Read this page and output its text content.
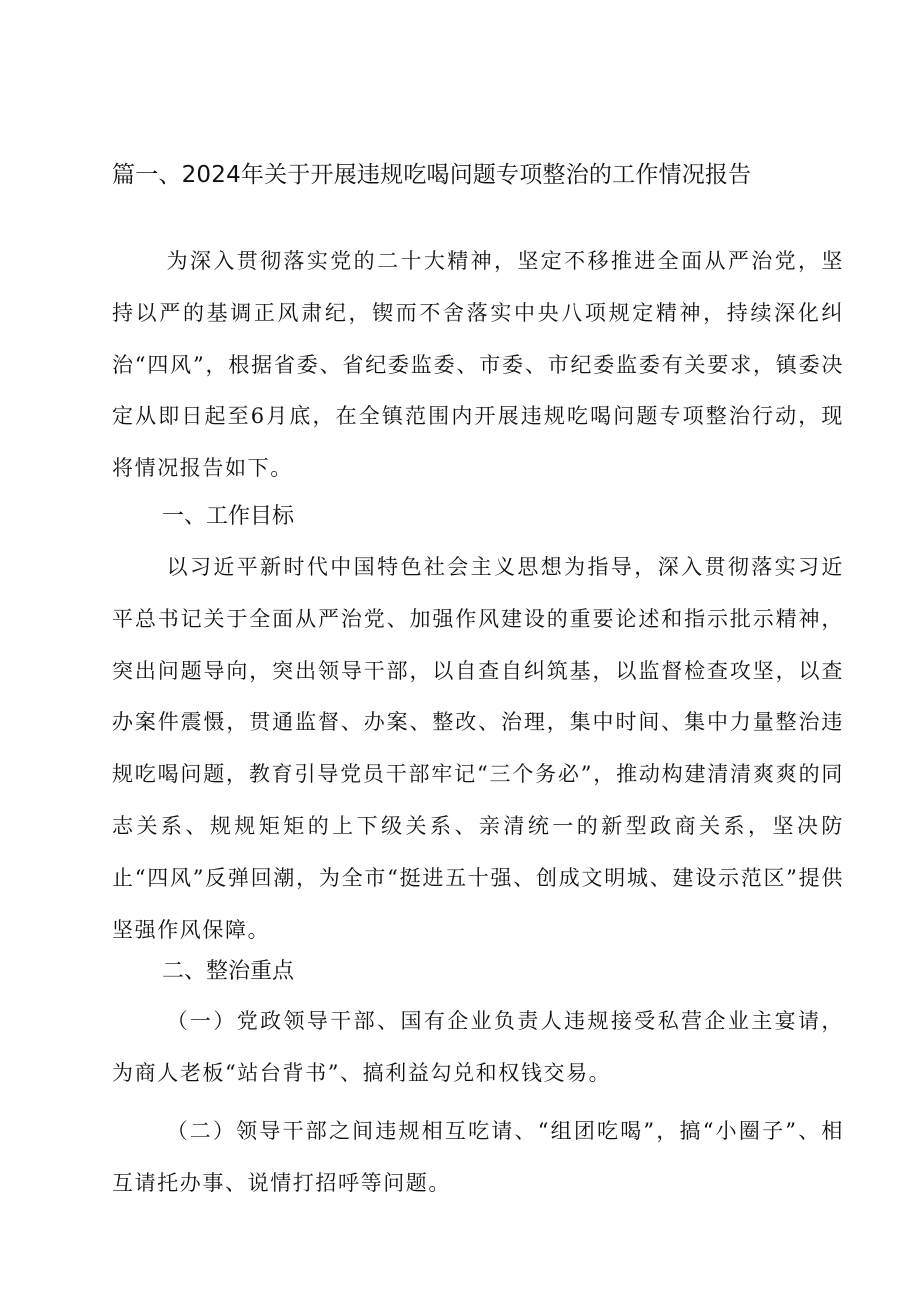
篇一、2024年关于开展违规吃喝问题专项整治的工作情况报告

为深入贯彻落实党的二十大精神，坚定不移推进全面从严治党，坚持以严的基调正风肃纪，锲而不舍落实中央八项规定精神，持续深化纠治“四风”，根据省委、省纪委监委、市委、市纪委监委有关要求，镇委决定从即日起至6月底，在全镇范围内开展违规吃喝问题专项整治行动，现将情况报告如下。

一、工作目标

以习近平新时代中国特色社会主义思想为指导，深入贯彻落实习近平总书记关于全面从严治党、加强作风建设的重要论述和指示批示精神，突出问题导向，突出领导干部，以自查自纠筑基，以监督检查攻坚，以查办案件震慑，贯通监督、办案、整改、治理，集中时间、集中力量整治违规吃喝问题，教育引导党员干部牢记“三个务必”，推动构建清清爽爽的同志关系、规规矩矩的上下级关系、亲清统一的新型政商关系，坚决防止“四风”反弹回潮，为全市“挺进五十强、创成文明城、建设示范区”提供坚强作风保障。

二、整治重点

（一）党政领导干部、国有企业负责人违规接受私营企业主宴请，为商人老板“站台背书”、搞利益勾兑和权钱交易。

（二）领导干部之间违规相互吃请、“组团吃喝”，搞“小圈子”、相互请托办事、说情打招呼等问题。
